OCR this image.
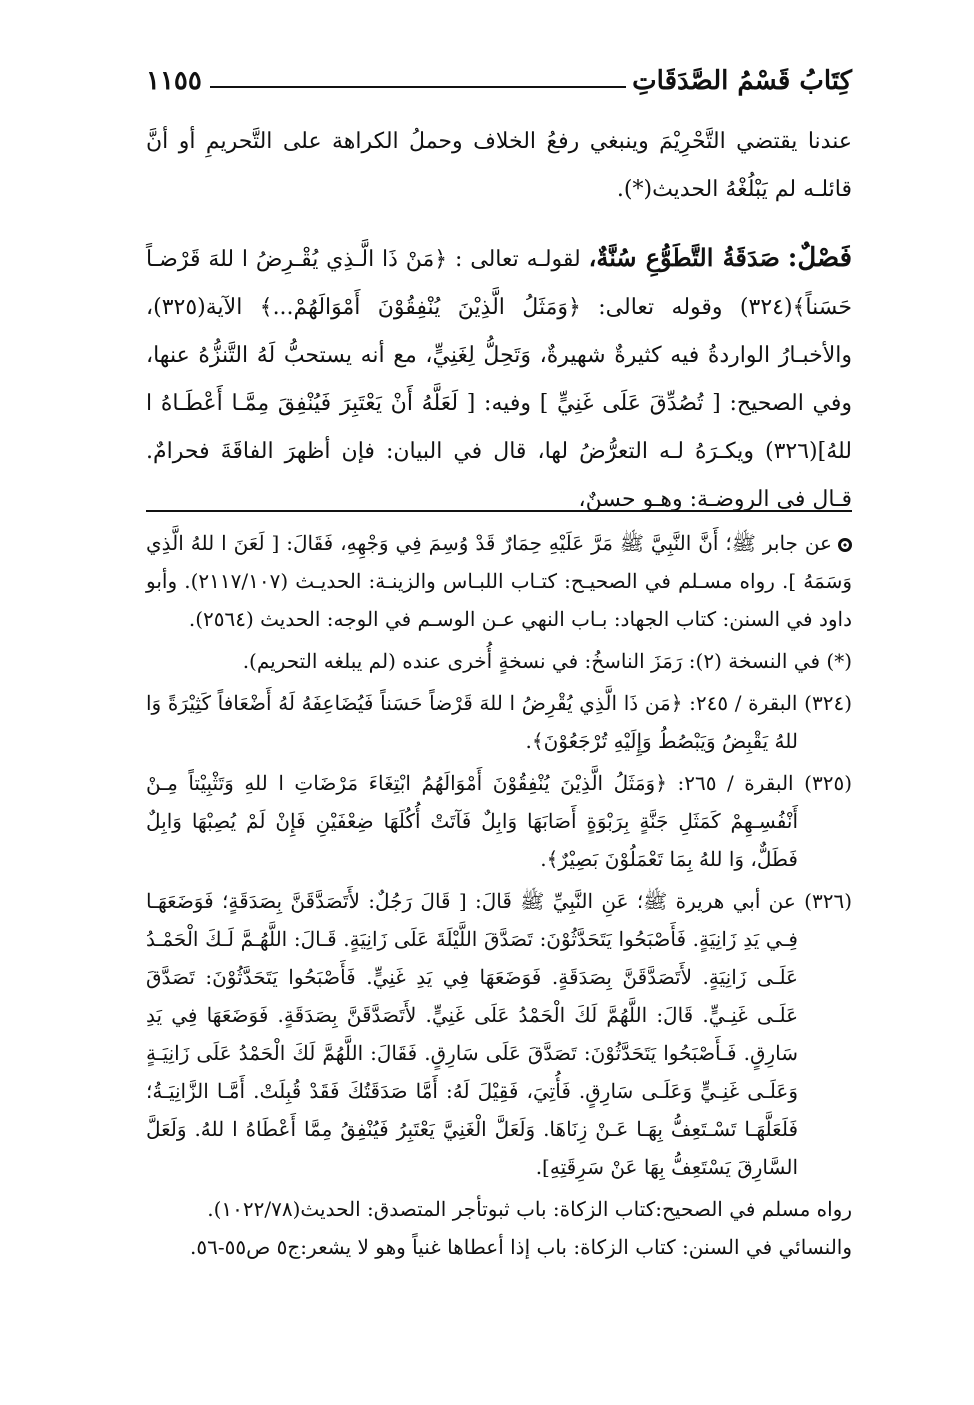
كِتَابُ قَسْمُ الصَّدَقَاتِ
١١٥٥

عندنا يقتضي التَّحْرِيْمَ وينبغي رفعُ الخلاف وحملُ الكراهة على التَّحريمِ أو أنَّ قائلـه لم يَبْلُغْهُ الحديث(*).

فَصْلٌ: صَدَقَةُ التَّطَوُّعِ سُنَّةٌ، لقولـه تعالى : ﴿مَنْ ذَا الَّـذِي يُقْـرِضُ ا للهَ قَرْضـاً حَسَناً﴾(٣٢٤) وقوله تعالى: ﴿وَمَثَلُ الَّذِيْنَ يُنْفِقُوْنَ أَمْوَالَهُمْ...﴾ الآية(٣٢٥)، والأخبـارُ الواردةُ فيه كثيرةٌ شهيرةٌ، وَتَحِلُّ لِغَنِيٍّ، مع أنه يستحبُّ لَهُ التَّنزُّهُ عنها، وفي الصحيح: [ تُصُدِّقَ عَلَى غَنِيٍّ ] وفيه: [ لَعَلَّهُ أَنْ يَعْتَبِرَ فَيُنْفِقَ مِمَّـا أَعْطَـاهُ ا للهُ](٣٢٦) ويكـرَهُ لـه التعرُّضُ لها، قال في البيان: فإن أظهرَ الفاقَةَ فحرامٌ. قـال في الروضـة: وهـو حسنٌ،

عن جابر ﷺ؛ أَنَّ النَّبِيَّ ﷺ مَرَّ عَلَيْهِ حِمَارٌ قَدْ وُسِمَ فِي وَجْهِهِ، فَقَالَ: [ لَعَنَ ا للهُ الَّذِي وَسَمَهُ ]. رواه مسـلم في الصحيـح: كتـاب اللبـاس والزينـة: الحديـث (٢١١٧/١٠٧). وأبو داود في السنن: كتاب الجهاد: بـاب النهي عـن الوسـم في الوجه: الحديث (٢٥٦٤).

(*) في النسخة (٢): رَمَزَ الناسخُ: في نسخةٍ أُخرى عنده (لم يبلغه التحريم).

(٣٢٤) البقرة / ٢٤٥: ﴿مَن ذَا الَّذِي يُقْرِضُ ا للهَ قَرْضاً حَسَناً فَيُضَاعِفَهُ لَهُ أَضْعَافاً كَثِيْرَةً وَا للهُ يَقْبِضُ وَيَبْصُطُ وَإِلَيْهِ تُرْجَعُوْنَ﴾.

(٣٢٥) البقرة / ٢٦٥: ﴿وَمَثَلُ الَّذِيْنَ يُنْفِقُوْنَ أَمْوَالَهُمُ ابْتِغَاءَ مَرْضَاتِ ا للهِ وَتَثْبِيْتاً مِـنْ أَنْفُسِـهِمْ كَمَثَلِ جَنَّةٍ بِرَبْوَةٍ أَصَابَهَا وَابِلٌ فَآتَتْ أُكُلَهَا ضِعْفَيْنِ فَإِنْ لَمْ يُصِبْهَا وَابِلٌ فَطَلٌّ، وَا للهُ بِمَا تَعْمَلُوْنَ بَصِيْرٌ﴾.

(٣٢٦) عن أبي هريرة ﷺ؛ عَنِ النَّبِيِّ ﷺ قَالَ: [ قَالَ رَجُلٌ: لأَتَصَدَّقَنَّ بِصَدَقَةٍ؛ فَوَضَعَهَـا فِـي يَدِ زَانِيَةٍ. فَأَصْبَحُوا يَتَحَدَّثُوْنَ: تَصَدَّقَ اللَّيْلَةَ عَلَى زَانِيَةٍ. قَـالَ: اللَّهُـمَّ لَـكَ الْحَمْـدُ عَلَـى زَانِيَةٍ. لأَتَصَدَّقَنَّ بِصَدَقَةٍ. فَوَضَعَهَا فِي يَدِ غَنِيٍّ. فَأَصْبَحُوا يَتَحَدَّثُوْنَ: تَصَدَّقَ عَلَـى غَنِـيٍّ. قَالَ: اللَّهُمَّ لَكَ الْحَمْدُ عَلَى غَنِيٍّ. لأَتَصَدَّقَنَّ بِصَدَقَةٍ. فَوَضَعَهَا فِي يَدِ سَارِقٍ. فَـأَصْبَحُوا يَتَحَدَّثُوْنَ: تَصَدَّقَ عَلَى سَارِقٍ. فَقَالَ: اللَّهُمَّ لَكَ الْحَمْدُ عَلَى زَانِيَـةٍ وَعَلَـى غَنِـيٍّ وَعَلَـى سَارِقٍ. فَأُتِيَ، فَقِيْلَ لَهُ: أَمَّا صَدَقَتُكَ فَقَدْ قُبِلَتْ. أَمَّـا الزَّانِيَـةُ؛ فَلَعَلَّهَـا تَسْـتَعِفُّ بِهَـا عَـنْ زِنَاهَا. وَلَعَلَّ الْغَنِيَّ يَعْتَبِرُ فَيُنْفِقُ مِمَّا أَعْطَاهُ ا للهُ. وَلَعَلَّ السَّارِقَ يَسْتَعِفُّ بِهَا عَنْ سَرِقَتِهِ].

رواه مسلم في الصحيح:كتاب الزكاة: باب ثبوتأجر المتصدق: الحديث(١٠٢٢/٧٨).

والنسائي في السنن: كتاب الزكاة: باب إذا أعطاها غنياً وهو لا يشعر:ج٥ ص٥٥-٥٦.
